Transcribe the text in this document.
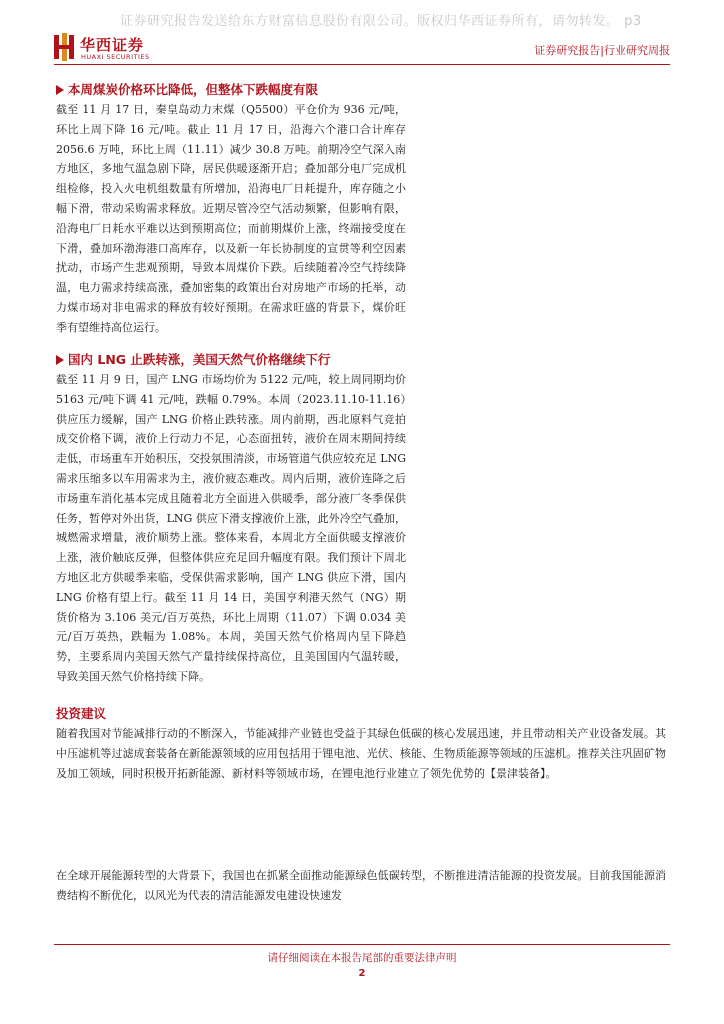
证券研究报告发送给东方财富信息股份有限公司。版权归华西证券所有，请勿转发。 p3
华西证券
HUAXI SECURITIES	证券研究报告|行业研究周报
本周煤炭价格环比降低，但整体下跌幅度有限

截至 11 月 17 日，秦皇岛动力末煤（Q5500）平仓价为 936 元/吨，环比上周下降 16 元/吨。截止 11 月 17 日，沿海六个港口合计库存 2056.6 万吨，环比上周（11.11）减少 30.8 万吨。前期冷空气深入南方地区，多地气温急剧下降，居民供暖逐渐开启；叠加部分电厂完成机组检修，投入火电机组数量有所增加，沿海电厂日耗提升，库存随之小幅下滑，带动采购需求释放。近期尽管冷空气活动频繁，但影响有限，沿海电厂日耗水平难以达到预期高位；而前期煤价上涨，终端接受度在下滑，叠加环渤海港口高库存，以及新一年长协制度的宣贯等利空因素扰动，市场产生悲观预期，导致本周煤价下跌。后续随着冷空气持续降温，电力需求持续高涨，叠加密集的政策出台对房地产市场的托举，动力煤市场对非电需求的释放有较好预期。在需求旺盛的背景下，煤价旺季有望维持高位运行。

国内 LNG 止跌转涨，美国天然气价格继续下行

截至 11 月 9 日，国产 LNG 市场均价为 5122 元/吨，较上周同期均价 5163 元/吨下调 41 元/吨，跌幅 0.79%。本周（2023.11.10-11.16）供应压力缓解，国产 LNG 价格止跌转涨。周内前期，西北原料气竞拍成交价格下调，液价上行动力不足，心态面扭转，液价在周末期间持续走低，市场重车开始积压，交投氛围清淡，市场管道气供应较充足 LNG 需求压缩多以车用需求为主，液价疲态难改。周内后期，液价连降之后市场重车消化基本完成且随着北方全面进入供暖季，部分液厂冬季保供任务，暂停对外出货，LNG 供应下滑支撑液价上涨，此外冷空气叠加，城燃需求增量，液价顺势上涨。整体来看，本周北方全面供暖支撑液价上涨，液价触底反弹，但整体供应充足回升幅度有限。我们预计下周北方地区北方供暖季来临，受保供需求影响，国产 LNG 供应下滑，国内 LNG 价格有望上行。截至 11 月 14 日，美国亨利港天然气（NG）期货价格为 3.106 美元/百万英热，环比上周期（11.07）下调 0.034 美元/百万英热，跌幅为 1.08%。本周，美国天然气价格周内呈下降趋势，主要系周内美国天然气产量持续保持高位，且美国国内气温转暖，导致美国天然气价格持续下降。

投资建议

随着我国对节能减排行动的不断深入，节能减排产业链也受益于其绿色低碳的核心发展迅速，并且带动相关产业设备发展。其中压滤机等过滤成套装备在新能源领域的应用包括用于锂电池、光伏、核能、生物质能源等领域的压滤机。推荐关注巩固矿物及加工领域，同时积极开拓新能源、新材料等领域市场，在锂电池行业建立了领先优势的【景津装备】。

在全球开展能源转型的大背景下，我国也在抓紧全面推动能源绿色低碳转型，不断推进清洁能源的投资发展。目前我国能源消费结构不断优化，以风光为代表的清洁能源发电建设快速发

请仔细阅读在本报告尾部的重要法律声明
2
